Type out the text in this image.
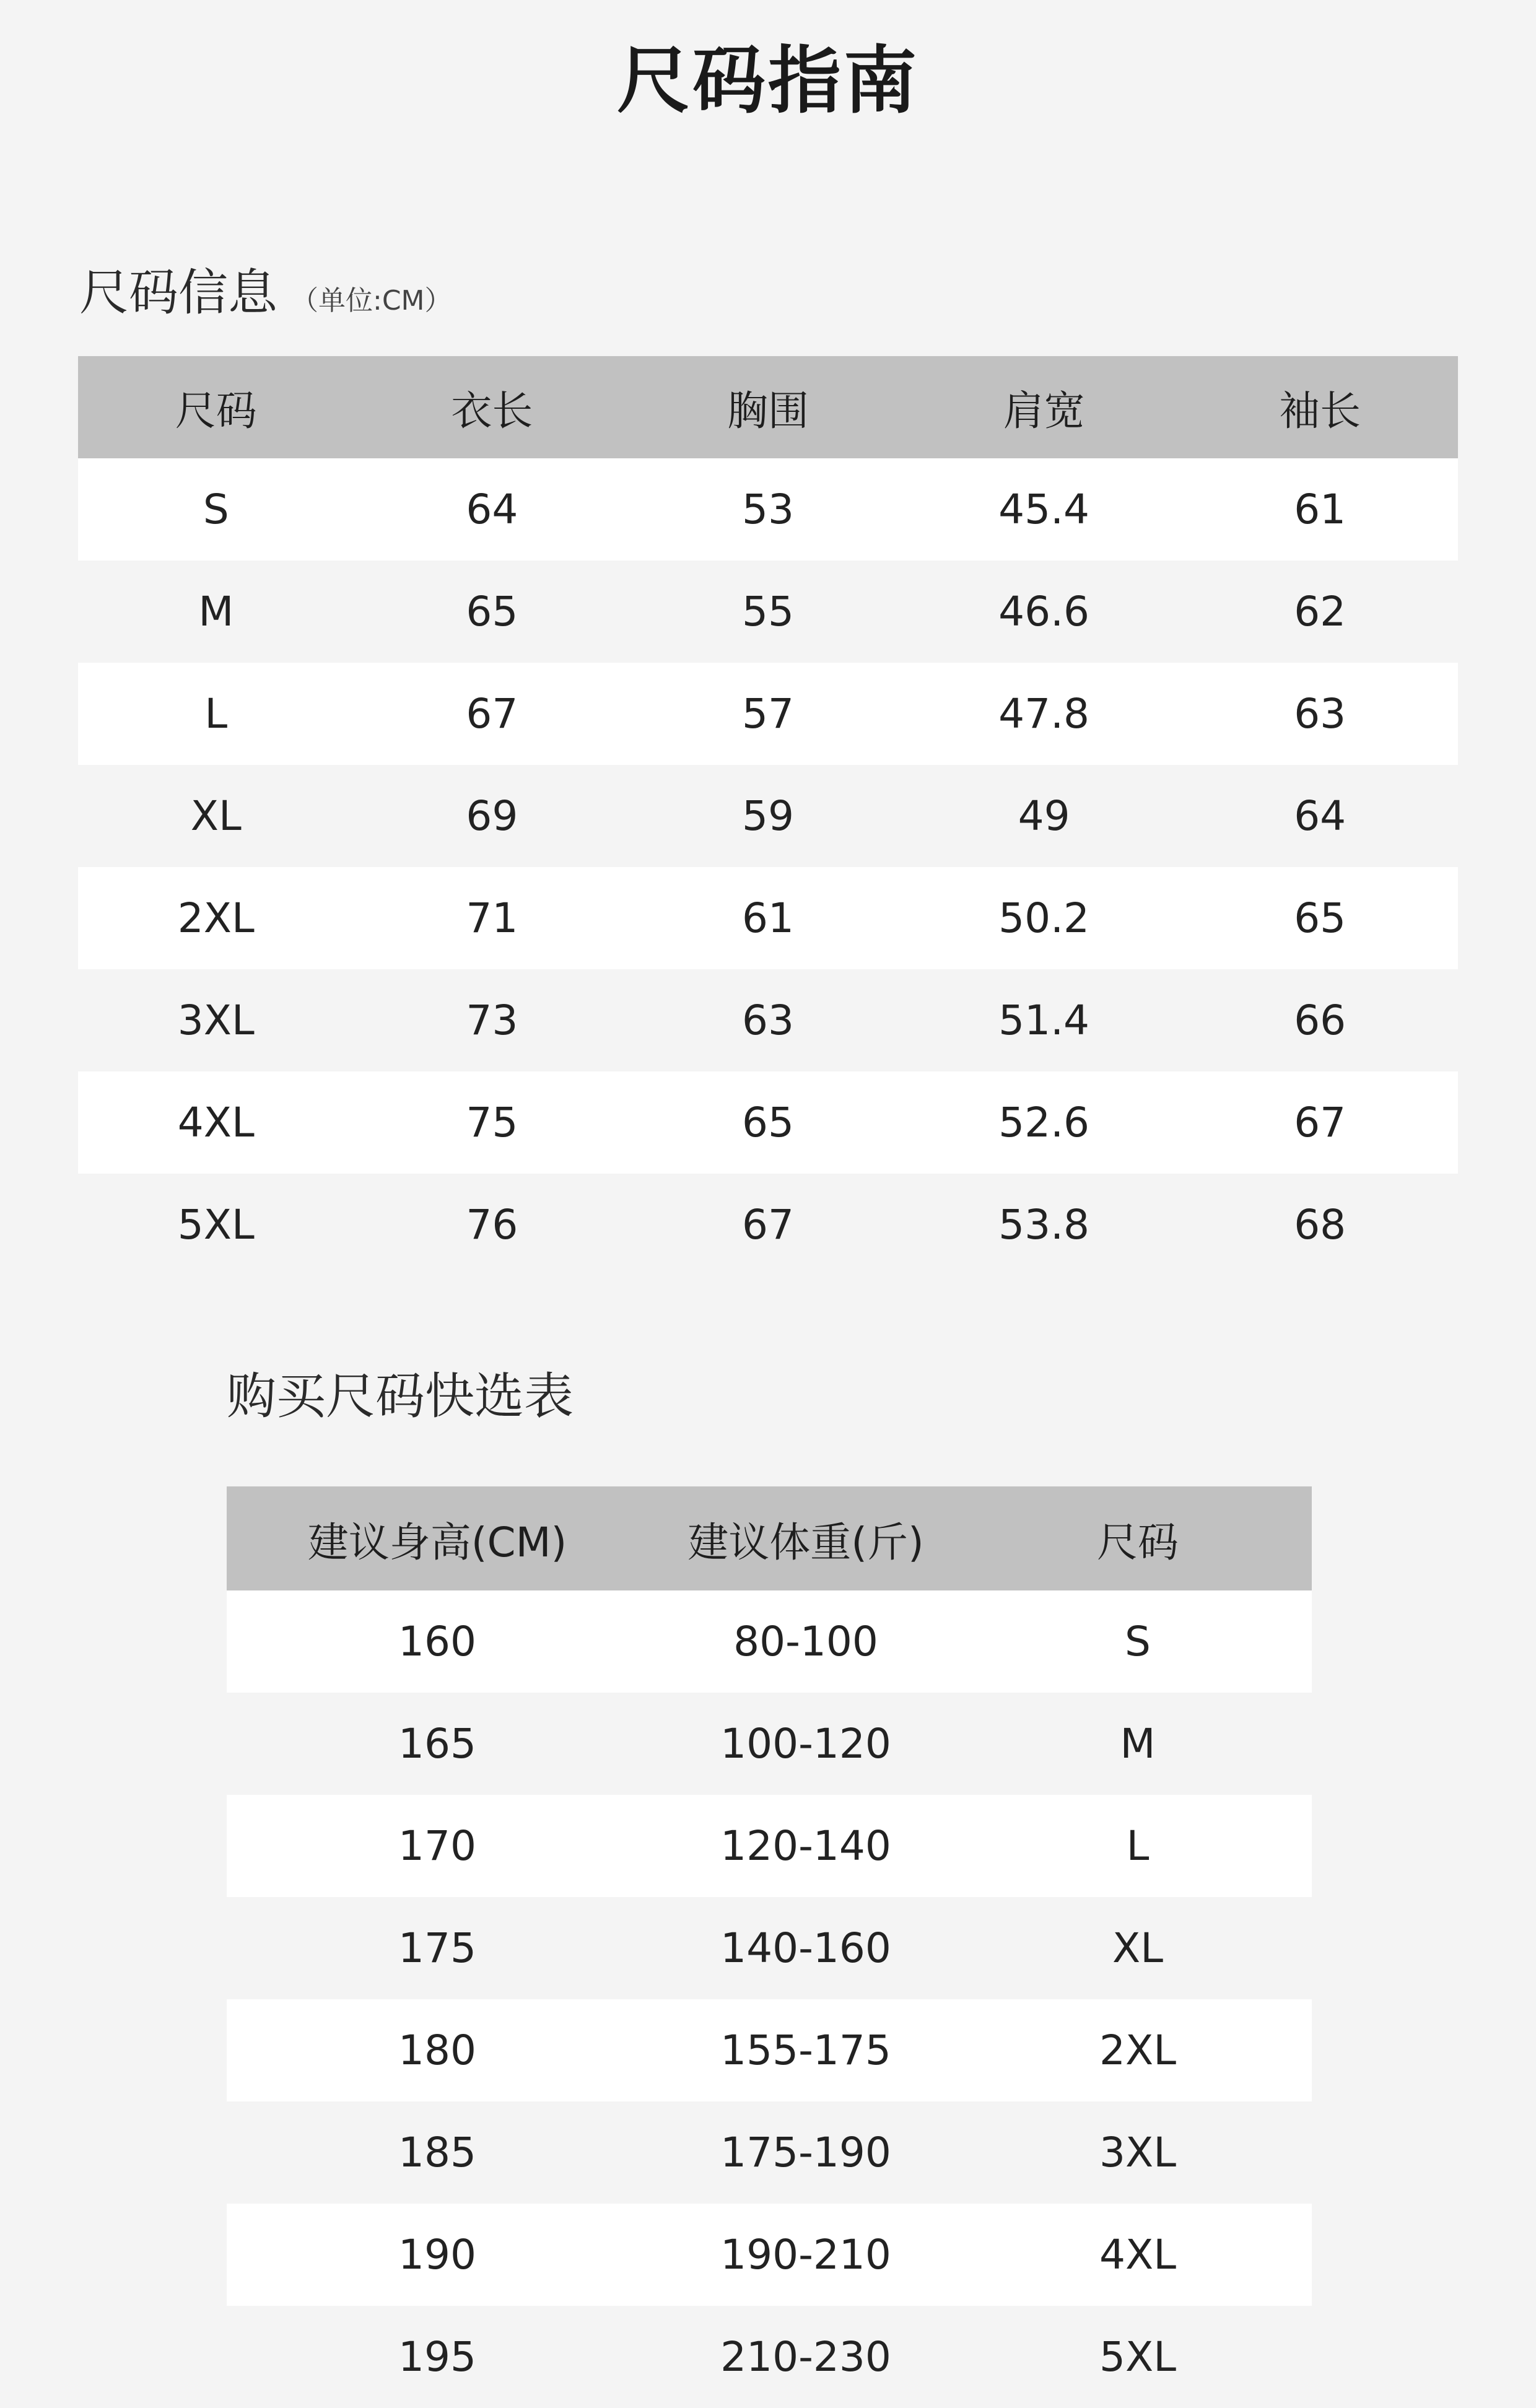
尺码指南
尺码信息 （单位:CM）
尺码	衣长	胸围	肩宽	袖长
S	64	53	45.4	61
M	65	55	46.6	62
L	67	57	47.8	63
XL	69	59	49	64
2XL	71	61	50.2	65
3XL	73	63	51.4	66
4XL	75	65	52.6	67
5XL	76	67	53.8	68
购买尺码快选表
建议身高(CM)	建议体重(斤)	尺码
160	80-100	S
165	100-120	M
170	120-140	L
175	140-160	XL
180	155-175	2XL
185	175-190	3XL
190	190-210	4XL
195	210-230	5XL
